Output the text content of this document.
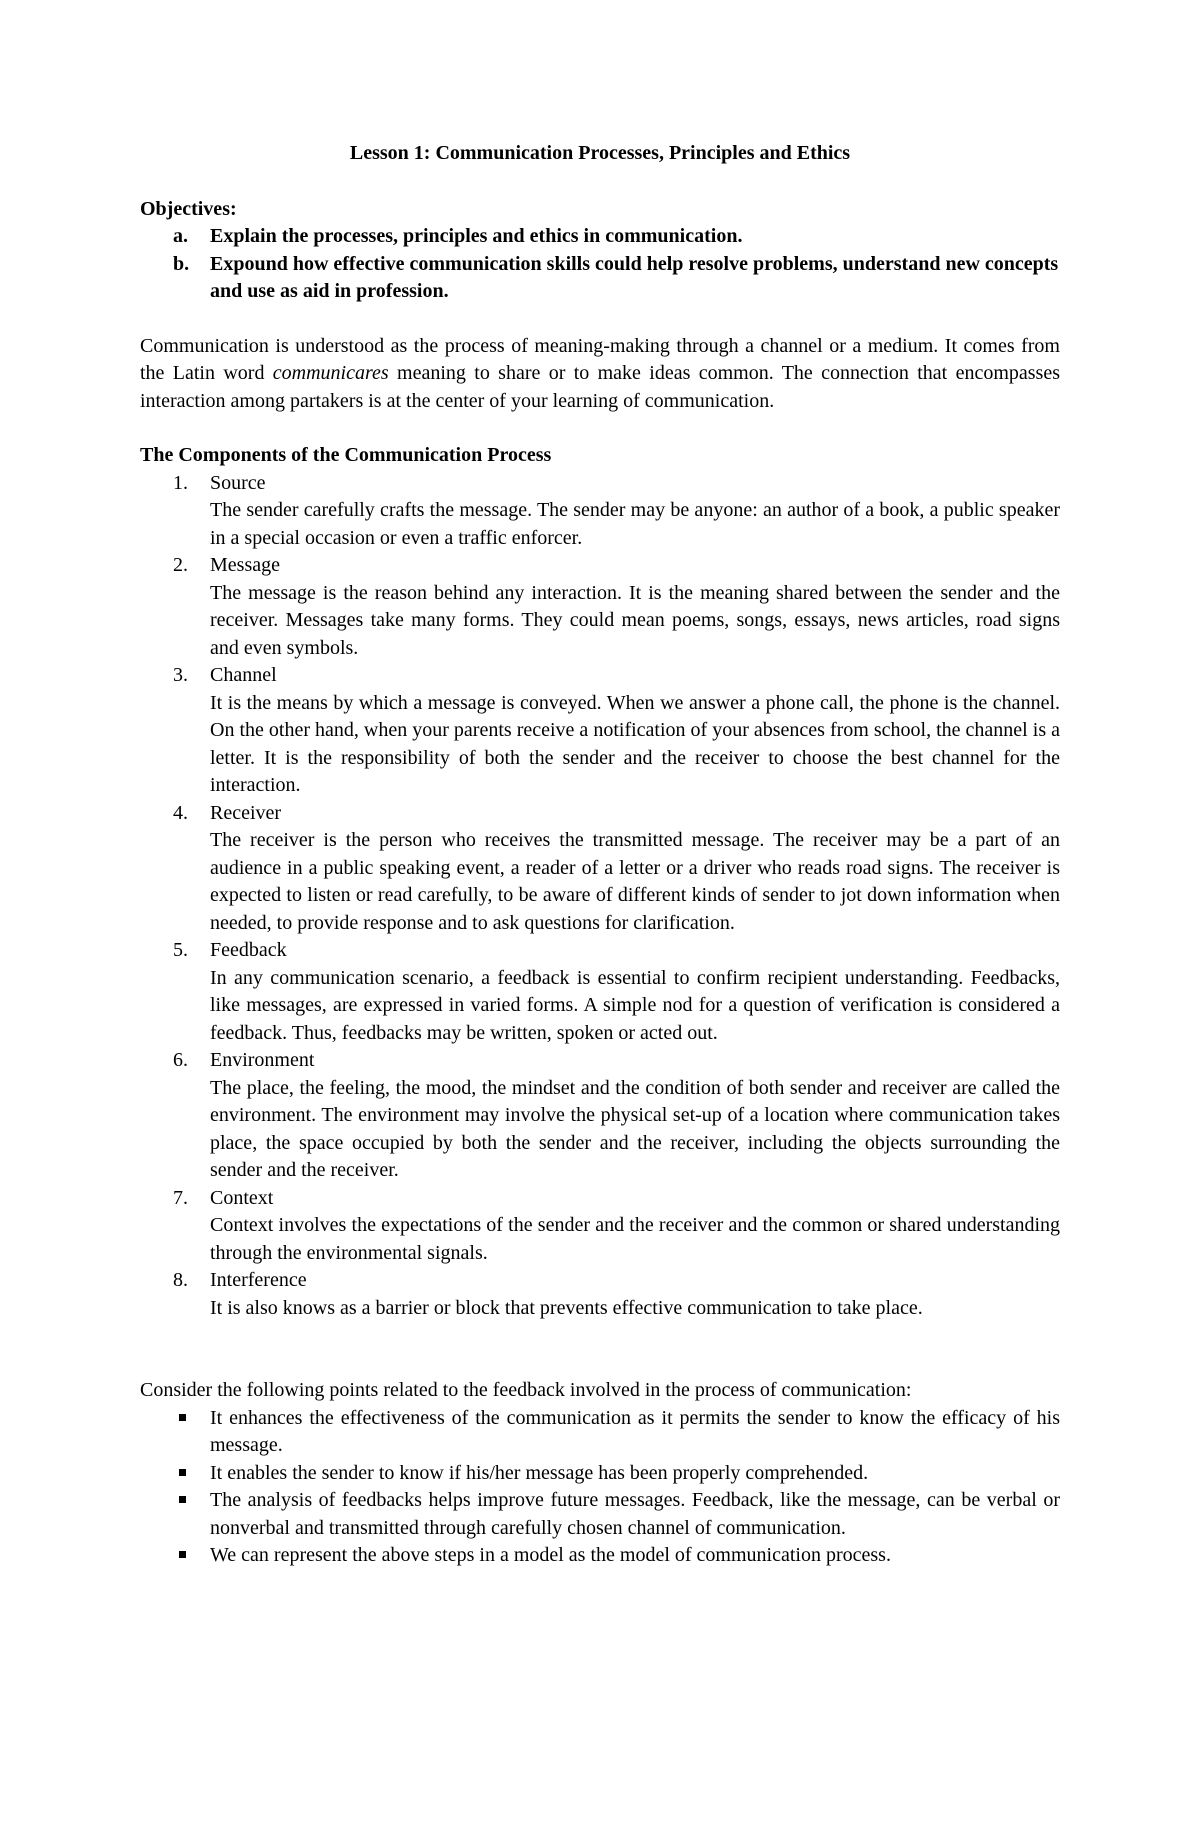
Lesson 1: Communication Processes, Principles and Ethics

Objectives:

a. Explain the processes, principles and ethics in communication.
b. Expound how effective communication skills could help resolve problems, understand new concepts and use as aid in profession.

Communication is understood as the process of meaning-making through a channel or a medium. It comes from the Latin word communicares meaning to share or to make ideas common. The connection that encompasses interaction among partakers is at the center of your learning of communication.

The Components of the Communication Process

1. Source
The sender carefully crafts the message. The sender may be anyone: an author of a book, a public speaker in a special occasion or even a traffic enforcer.
2. Message
The message is the reason behind any interaction. It is the meaning shared between the sender and the receiver. Messages take many forms. They could mean poems, songs, essays, news articles, road signs and even symbols.
3. Channel
It is the means by which a message is conveyed. When we answer a phone call, the phone is the channel. On the other hand, when your parents receive a notification of your absences from school, the channel is a letter. It is the responsibility of both the sender and the receiver to choose the best channel for the interaction.
4. Receiver
The receiver is the person who receives the transmitted message. The receiver may be a part of an audience in a public speaking event, a reader of a letter or a driver who reads road signs. The receiver is expected to listen or read carefully, to be aware of different kinds of sender to jot down information when needed, to provide response and to ask questions for clarification.
5. Feedback
In any communication scenario, a feedback is essential to confirm recipient understanding. Feedbacks, like messages, are expressed in varied forms. A simple nod for a question of verification is considered a feedback. Thus, feedbacks may be written, spoken or acted out.
6. Environment
The place, the feeling, the mood, the mindset and the condition of both sender and receiver are called the environment. The environment may involve the physical set-up of a location where communication takes place, the space occupied by both the sender and the receiver, including the objects surrounding the sender and the receiver.
7. Context
Context involves the expectations of the sender and the receiver and the common or shared understanding through the environmental signals.
8. Interference
It is also knows as a barrier or block that prevents effective communication to take place.

Consider the following points related to the feedback involved in the process of communication:

It enhances the effectiveness of the communication as it permits the sender to know the efficacy of his message.
It enables the sender to know if his/her message has been properly comprehended.
The analysis of feedbacks helps improve future messages. Feedback, like the message, can be verbal or nonverbal and transmitted through carefully chosen channel of communication.
We can represent the above steps in a model as the model of communication process.
